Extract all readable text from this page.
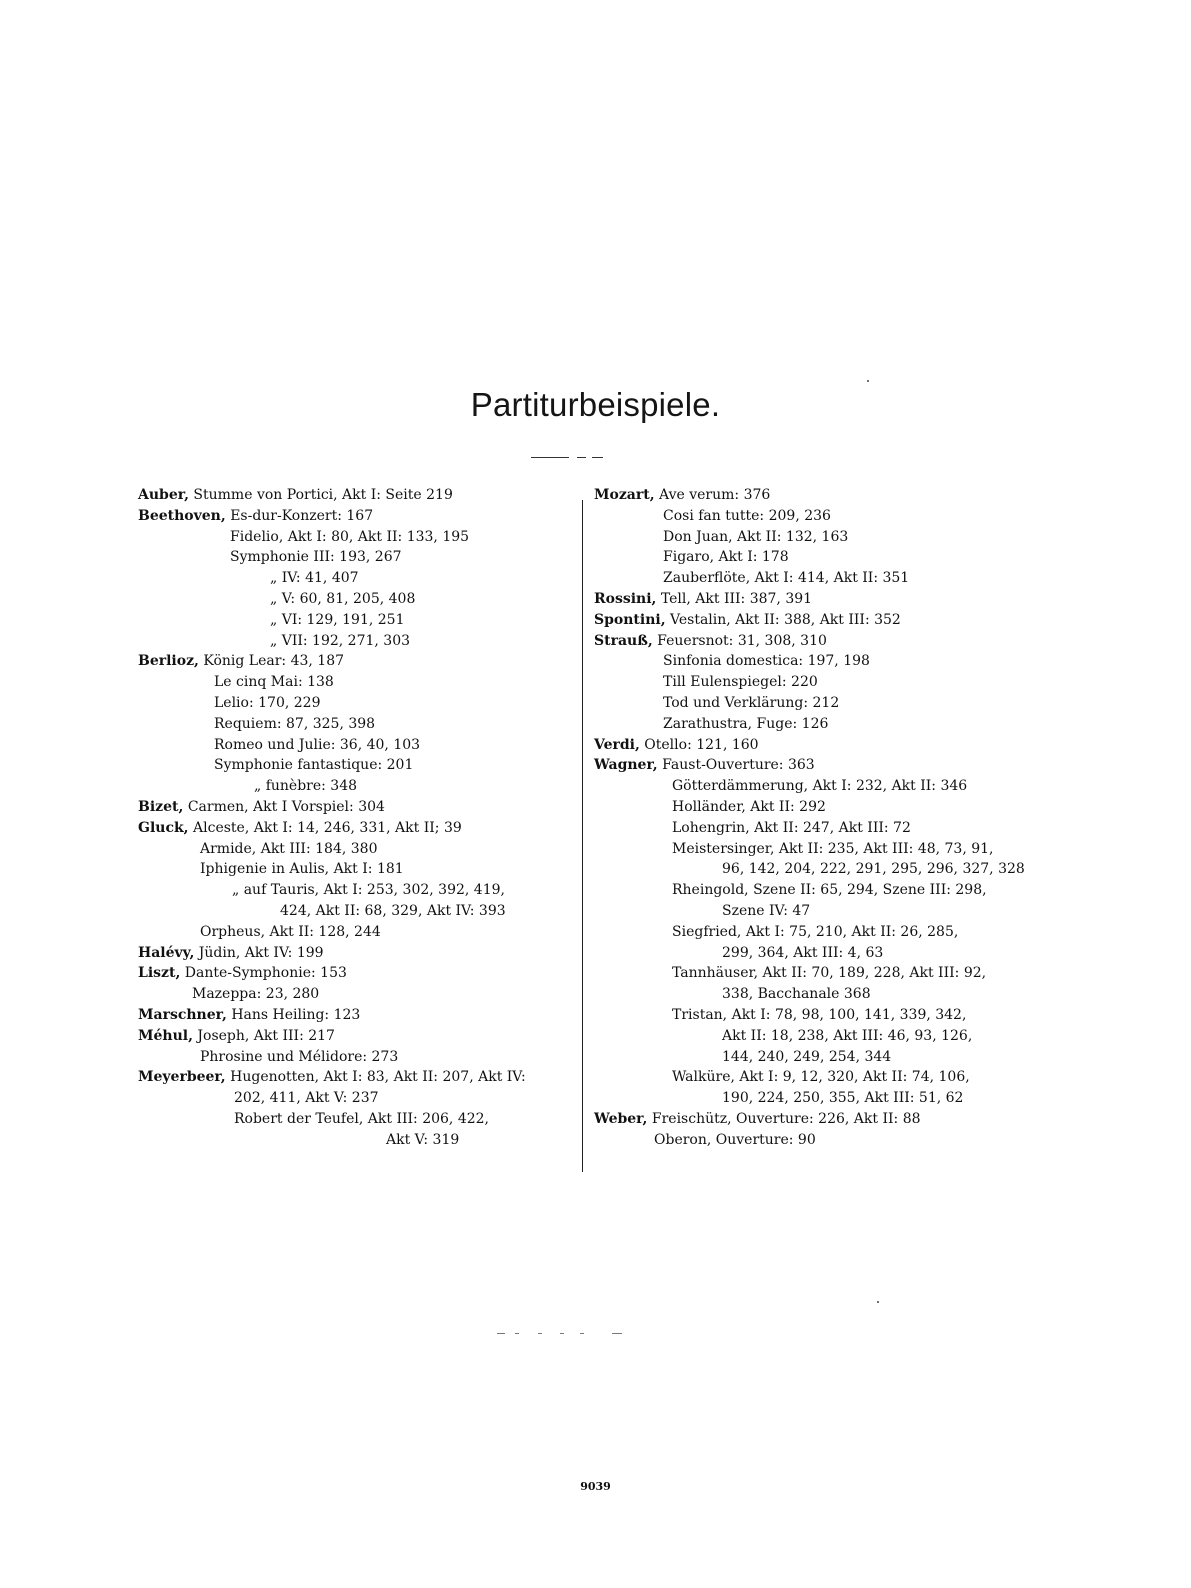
Partiturbeispiele.
Auber, Stumme von Portici, Akt I: Seite 219
Beethoven, Es-dur-Konzert: 167
Fidelio, Akt I: 80, Akt II: 133, 195
Symphonie III: 193, 267
„ IV: 41, 407
„ V: 60, 81, 205, 408
„ VI: 129, 191, 251
„ VII: 192, 271, 303
Berlioz, König Lear: 43, 187
Le cinq Mai: 138
Lelio: 170, 229
Requiem: 87, 325, 398
Romeo und Julie: 36, 40, 103
Symphonie fantastique: 201
„ funèbre: 348
Bizet, Carmen, Akt I Vorspiel: 304
Gluck, Alceste, Akt I: 14, 246, 331, Akt II; 39
Armide, Akt III: 184, 380
Iphigenie in Aulis, Akt I: 181
„ auf Tauris, Akt I: 253, 302, 392, 419,
424, Akt II: 68, 329, Akt IV: 393
Orpheus, Akt II: 128, 244
Halévy, Jüdin, Akt IV: 199
Liszt, Dante-Symphonie: 153
Mazeppa: 23, 280
Marschner, Hans Heiling: 123
Méhul, Joseph, Akt III: 217
Phrosine und Mélidore: 273
Meyerbeer, Hugenotten, Akt I: 83, Akt II: 207, Akt IV:
202, 411, Akt V: 237
Robert der Teufel, Akt III: 206, 422,
Akt V: 319
Mozart, Ave verum: 376
Cosi fan tutte: 209, 236
Don Juan, Akt II: 132, 163
Figaro, Akt I: 178
Zauberflöte, Akt I: 414, Akt II: 351
Rossini, Tell, Akt III: 387, 391
Spontini, Vestalin, Akt II: 388, Akt III: 352
Strauß, Feuersnot: 31, 308, 310
Sinfonia domestica: 197, 198
Till Eulenspiegel: 220
Tod und Verklärung: 212
Zarathustra, Fuge: 126
Verdi, Otello: 121, 160
Wagner, Faust-Ouverture: 363
Götterdämmerung, Akt I: 232, Akt II: 346
Holländer, Akt II: 292
Lohengrin, Akt II: 247, Akt III: 72
Meistersinger, Akt II: 235, Akt III: 48, 73, 91,
96, 142, 204, 222, 291, 295, 296, 327, 328
Rheingold, Szene II: 65, 294, Szene III: 298,
Szene IV: 47
Siegfried, Akt I: 75, 210, Akt II: 26, 285,
299, 364, Akt III: 4, 63
Tannhäuser, Akt II: 70, 189, 228, Akt III: 92,
338, Bacchanale 368
Tristan, Akt I: 78, 98, 100, 141, 339, 342,
Akt II: 18, 238, Akt III: 46, 93, 126,
144, 240, 249, 254, 344
Walküre, Akt I: 9, 12, 320, Akt II: 74, 106,
190, 224, 250, 355, Akt III: 51, 62
Weber, Freischütz, Ouverture: 226, Akt II: 88
Oberon, Ouverture: 90
9039
